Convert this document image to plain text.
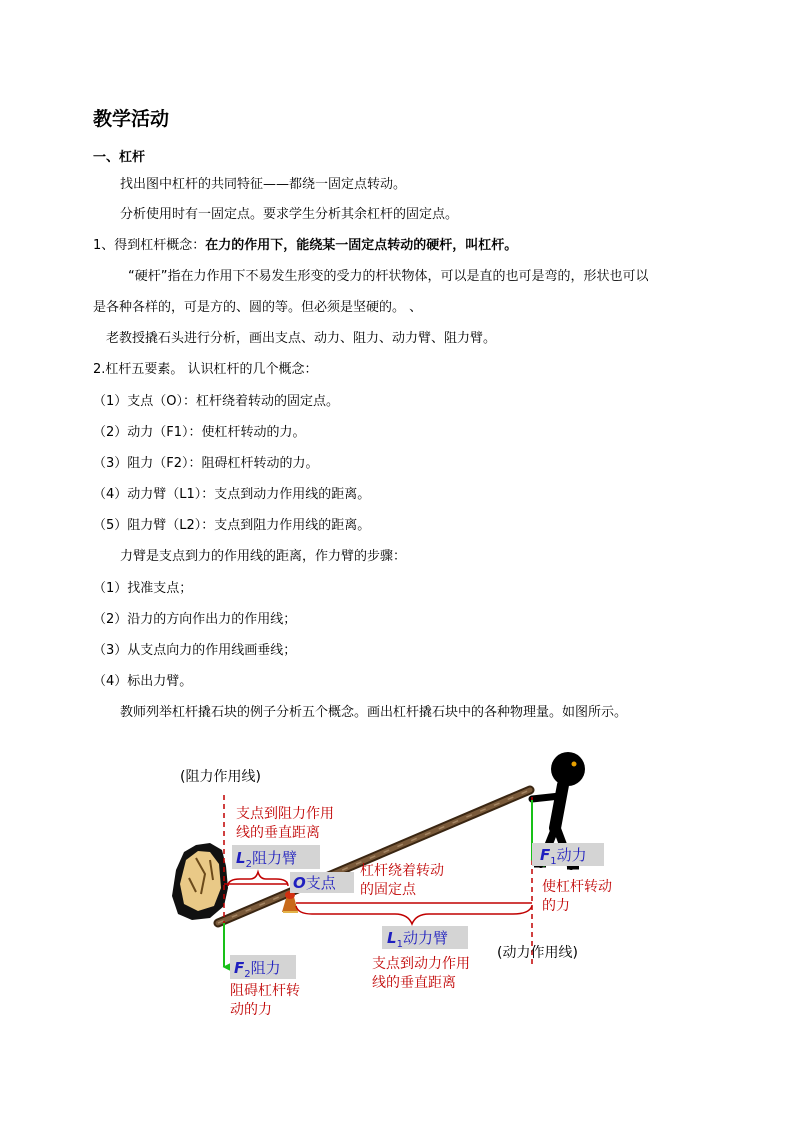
教学活动
一、杠杆
找出图中杠杆的共同特征——都绕一固定点转动。
分析使用时有一固定点。要求学生分析其余杠杆的固定点。
1、得到杠杆概念：在力的作用下，能绕某一固定点转动的硬杆，叫杠杆。
“硬杆”指在力作用下不易发生形变的受力的杆状物体，可以是直的也可是弯的，形状也可以
是各种各样的，可是方的、圆的等。但必须是坚硬的。 、
老教授撬石头进行分析，画出支点、动力、阻力、动力臂、阻力臂。
2.杠杆五要素。 认识杠杆的几个概念：
（1）支点（O）：杠杆绕着转动的固定点。
（2）动力（F1）：使杠杆转动的力。
（3）阻力（F2）：阻碍杠杆转动的力。
（4）动力臂（L1）：支点到动力作用线的距离。
（5）阻力臂（L2）：支点到阻力作用线的距离。
力臂是支点到力的作用线的距离，作力臂的步骤：
（1）找准支点；
（2）沿力的方向作出力的作用线；
（3）从支点向力的作用线画垂线；
（4）标出力臂。
教师列举杠杆撬石块的例子分析五个概念。画出杠杆撬石块中的各种物理量。如图所示。
(阻力作用线)
(动力作用线)
支点到阻力作用
线的垂直距离
杠杆绕着转动
的固定点	使杠杆转动
的力
支点到动力作用
线的垂直距离
阻碍杠杆转
动的力
$L_2$阻力臂
O支点
$F_1$动力
$L_1$动力臂
$F_2$阻力
